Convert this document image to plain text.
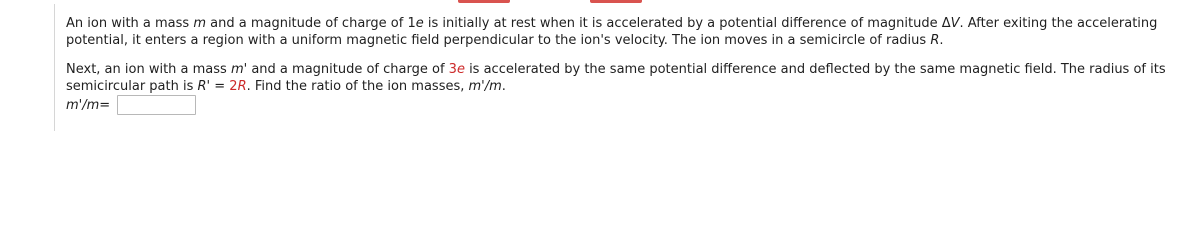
An ion with a mass m and a magnitude of charge of 1e is initially at rest when it is accelerated by a potential difference of magnitude ΔV. After exiting the accelerating potential, it enters a region with a uniform magnetic field perpendicular to the ion's velocity. The ion moves in a semicircle of radius R.

Next, an ion with a mass m' and a magnitude of charge of 3e is accelerated by the same potential difference and deflected by the same magnetic field. The radius of its semicircular path is R' = 2R. Find the ratio of the ion masses, m'/m.

m'/m =
